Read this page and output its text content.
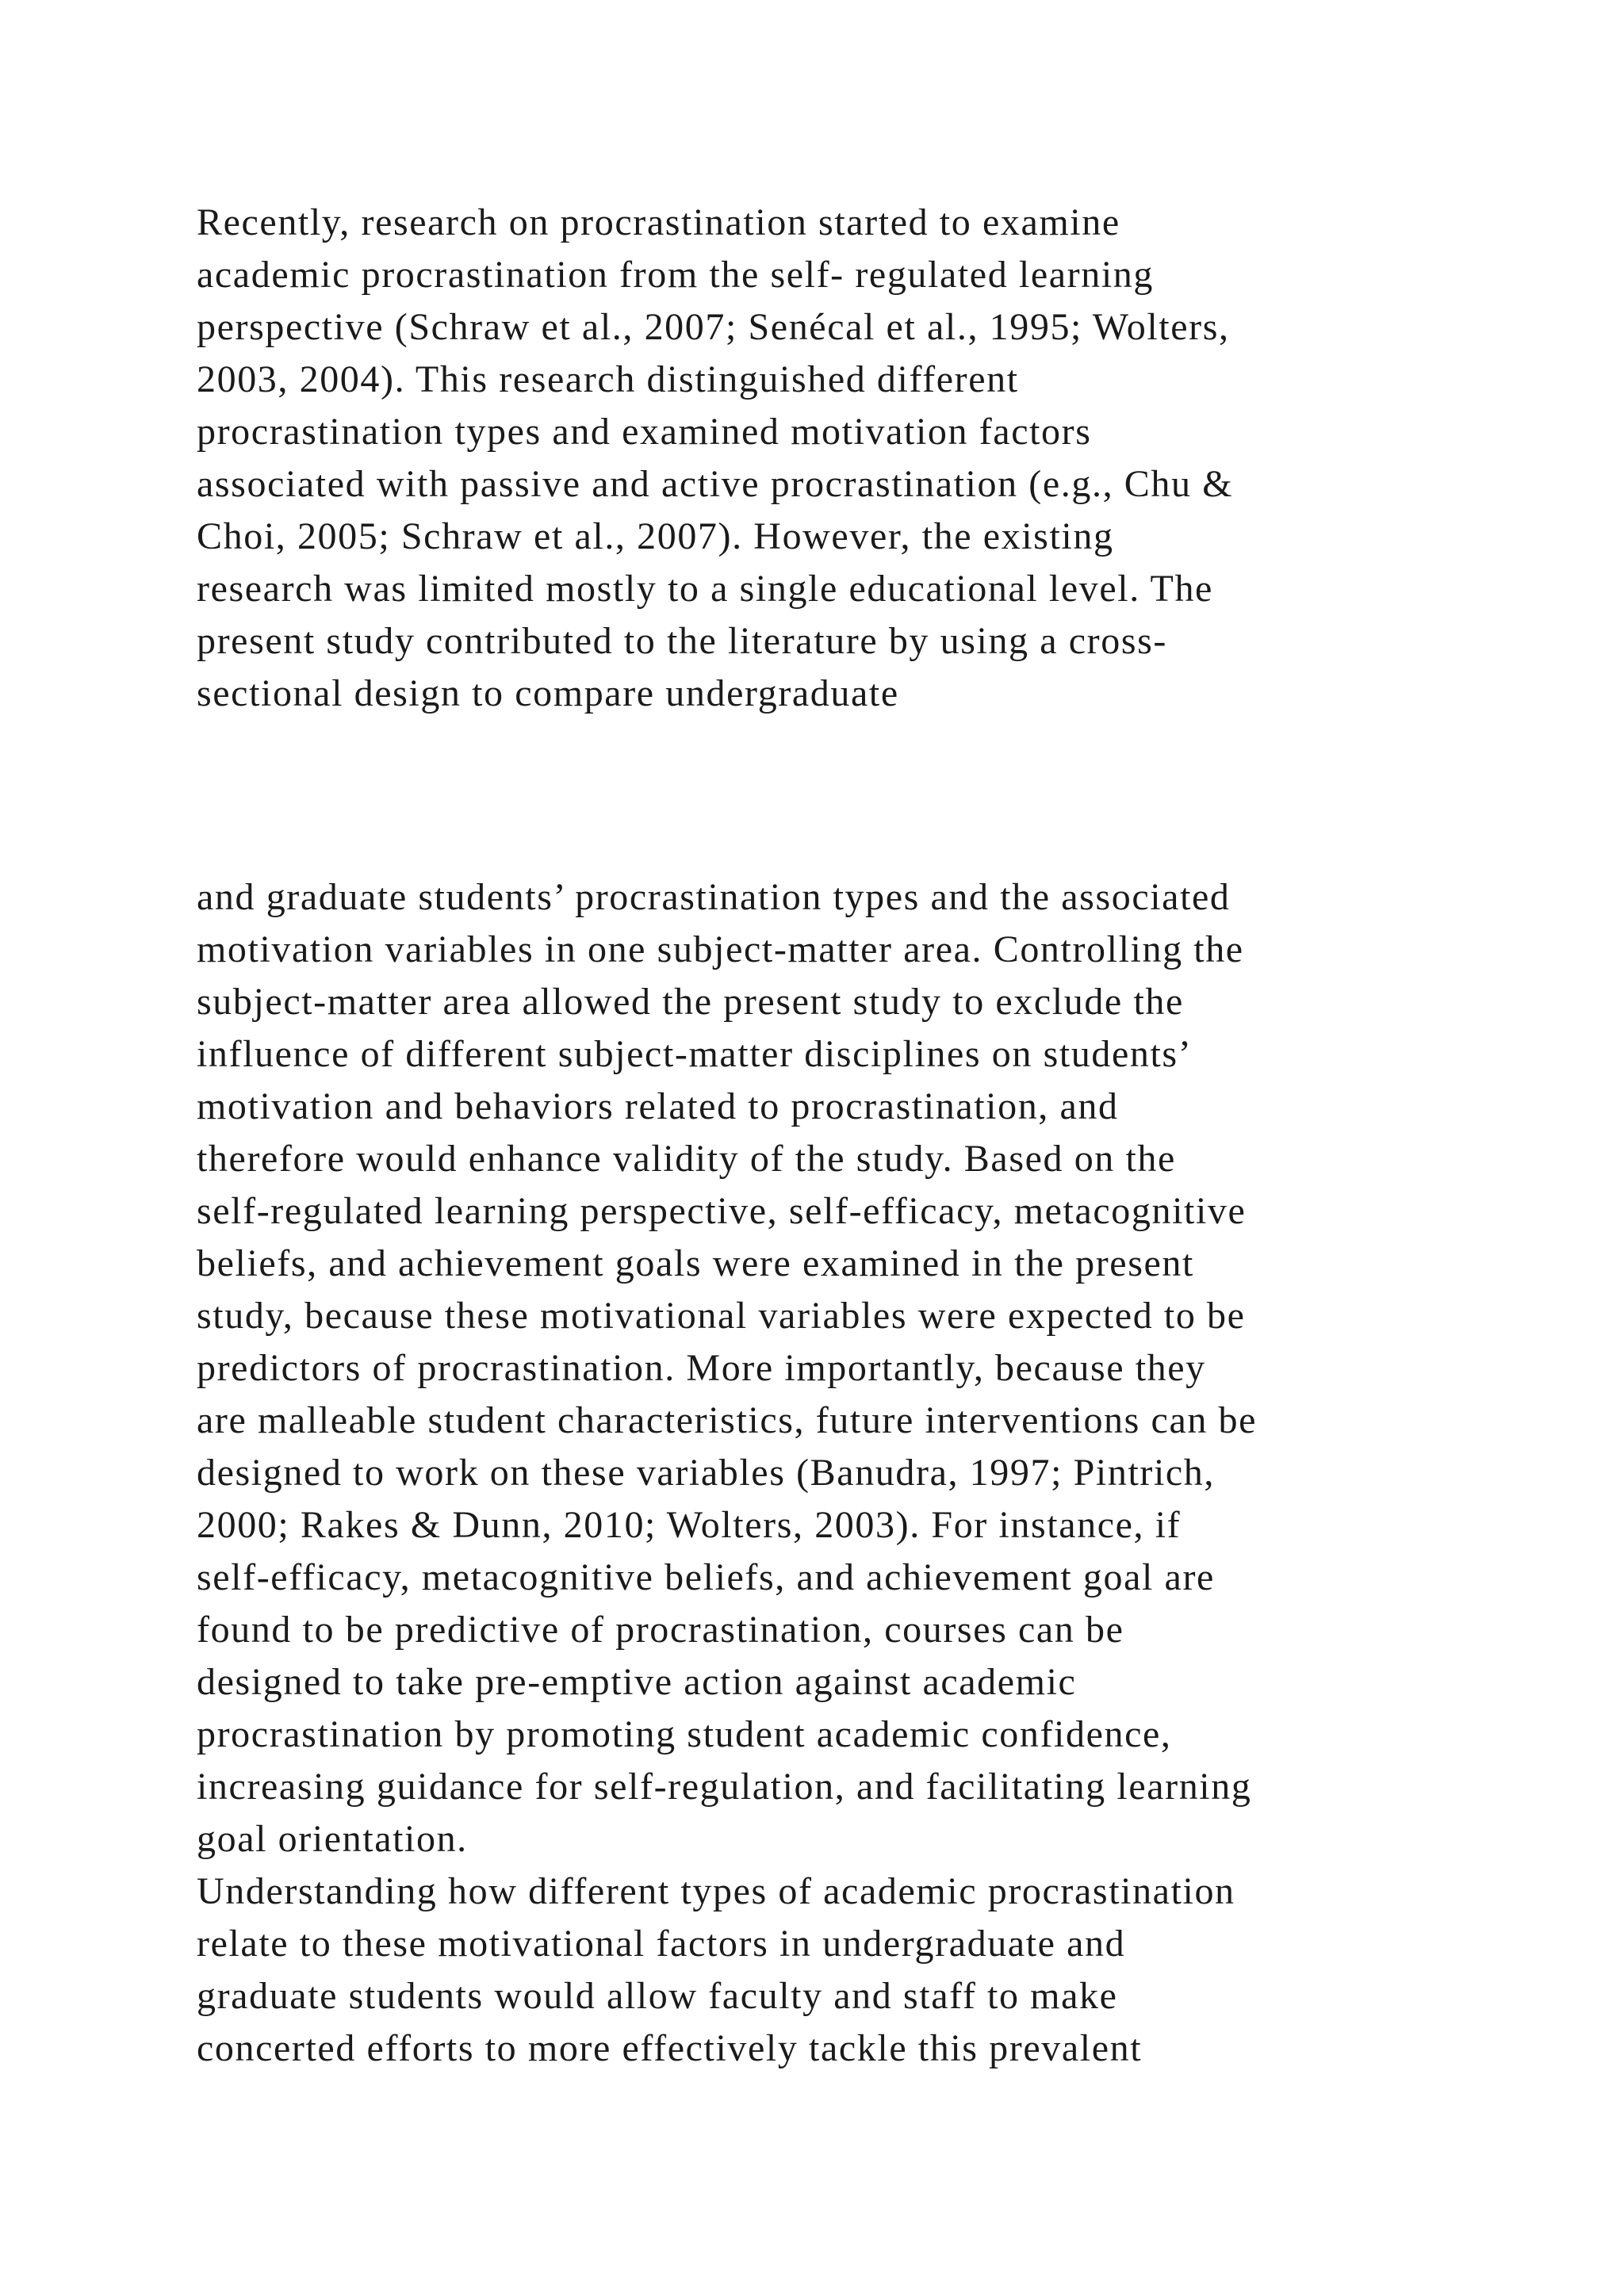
Recently, research on procrastination started to examine
academic procrastination from the self- regulated learning
perspective (Schraw et al., 2007; Senécal et al., 1995; Wolters,
2003, 2004). This research distinguished different
procrastination types and examined motivation factors
associated with passive and active procrastination (e.g., Chu &
Choi, 2005; Schraw et al., 2007). However, the existing
research was limited mostly to a single educational level. The
present study contributed to the literature by using a cross-
sectional design to compare undergraduate
and graduate students’ procrastination types and the associated
motivation variables in one subject-matter area. Controlling the
subject-matter area allowed the present study to exclude the
influence of different subject-matter disciplines on students’
motivation and behaviors related to procrastination, and
therefore would enhance validity of the study. Based on the
self-regulated learning perspective, self-efficacy, metacognitive
beliefs, and achievement goals were examined in the present
study, because these motivational variables were expected to be
predictors of procrastination. More importantly, because they
are malleable student characteristics, future interventions can be
designed to work on these variables (Banudra, 1997; Pintrich,
2000; Rakes & Dunn, 2010; Wolters, 2003). For instance, if
self-efficacy, metacognitive beliefs, and achievement goal are
found to be predictive of procrastination, courses can be
designed to take pre-emptive action against academic
procrastination by promoting student academic confidence,
increasing guidance for self-regulation, and facilitating learning
goal orientation.
Understanding how different types of academic procrastination
relate to these motivational factors in undergraduate and
graduate students would allow faculty and staff to make
concerted efforts to more effectively tackle this prevalent
